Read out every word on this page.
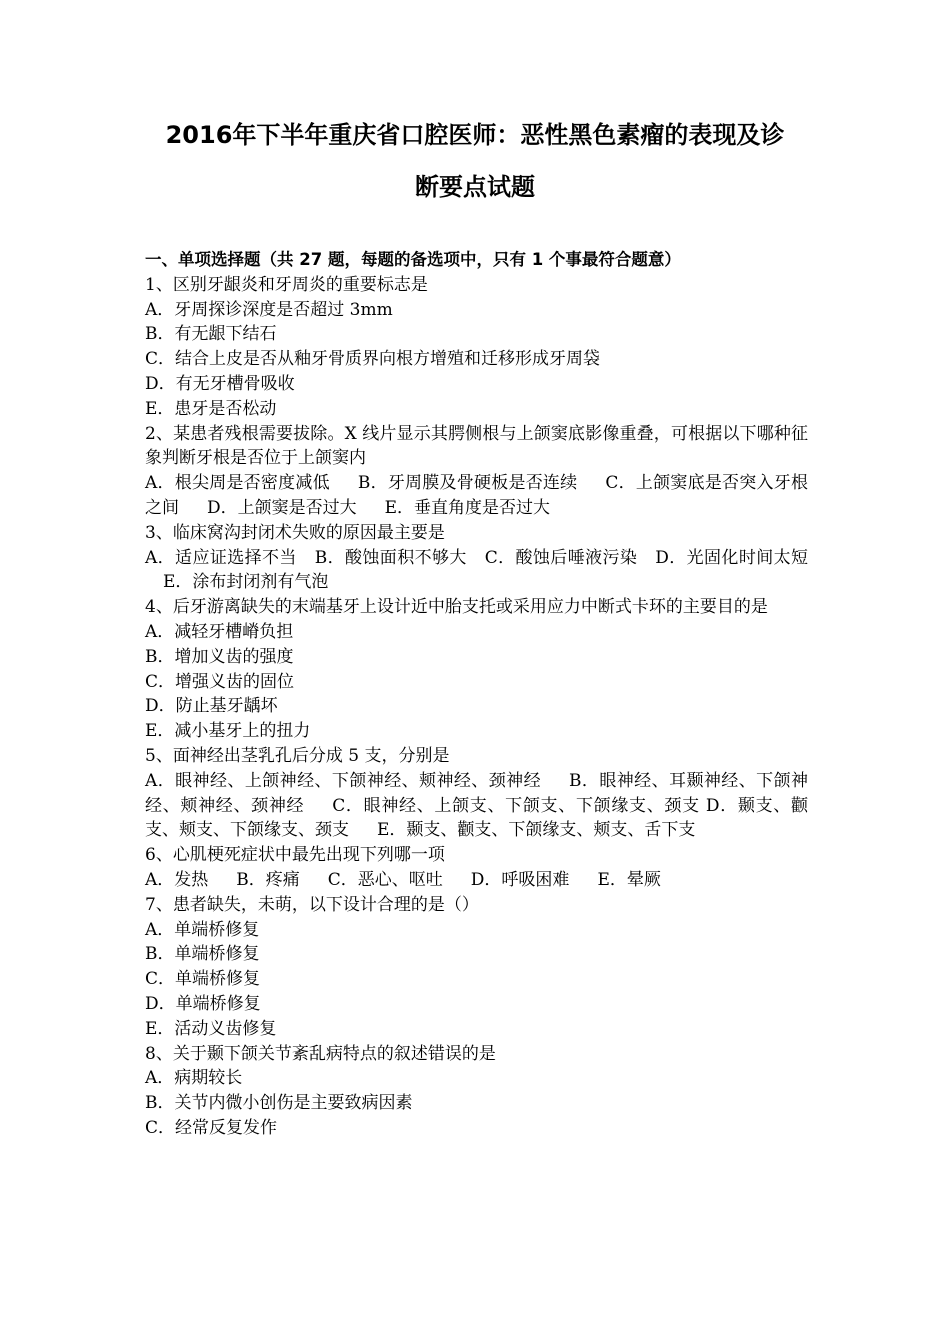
2016年下半年重庆省口腔医师：恶性黑色素瘤的表现及诊
断要点试题

一、单项选择题（共 27 题，每题的备选项中，只有 1 个事最符合题意）

1、区别牙龈炎和牙周炎的重要标志是

A．牙周探诊深度是否超过 3mm

B．有无龈下结石

C．结合上皮是否从釉牙骨质界向根方增殖和迁移形成牙周袋

D．有无牙槽骨吸收

E．患牙是否松动

2、某患者残根需要拔除。X 线片显示其腭侧根与上颌窦底影像重叠，可根据以下哪种征象判断牙根是否位于上颌窦内

A．根尖周是否密度减低 B．牙周膜及骨硬板是否连续 C．上颌窦底是否突入牙根之间 D．上颌窦是否过大 E．垂直角度是否过大

3、临床窝沟封闭术失败的原因最主要是

A．适应证选择不当 B．酸蚀面积不够大 C．酸蚀后唾液污染 D．光固化时间太短E．涂布封闭剂有气泡

4、后牙游离缺失的末端基牙上设计近中胎支托或采用应力中断式卡环的主要目的是

A．减轻牙槽嵴负担

B．增加义齿的强度

C．增强义齿的固位

D．防止基牙龋坏

E．减小基牙上的扭力

5、面神经出茎乳孔后分成 5 支，分别是

A．眼神经、上颌神经、下颌神经、颊神经、颈神经 B．眼神经、耳颞神经、下颌神经、颊神经、颈神经 C．眼神经、上颌支、下颌支、下颌缘支、颈支 D．颞支、颧支、颊支、下颌缘支、颈支 E．颞支、颧支、下颌缘支、颊支、舌下支

6、心肌梗死症状中最先出现下列哪一项

A．发热 B．疼痛 C．恶心、呕吐 D．呼吸困难 E．晕厥

7、患者缺失，未萌，以下设计合理的是（）

A．单端桥修复

B．单端桥修复

C．单端桥修复

D．单端桥修复

E．活动义齿修复

8、关于颞下颌关节紊乱病特点的叙述错误的是

A．病期较长

B．关节内微小创伤是主要致病因素

C．经常反复发作
